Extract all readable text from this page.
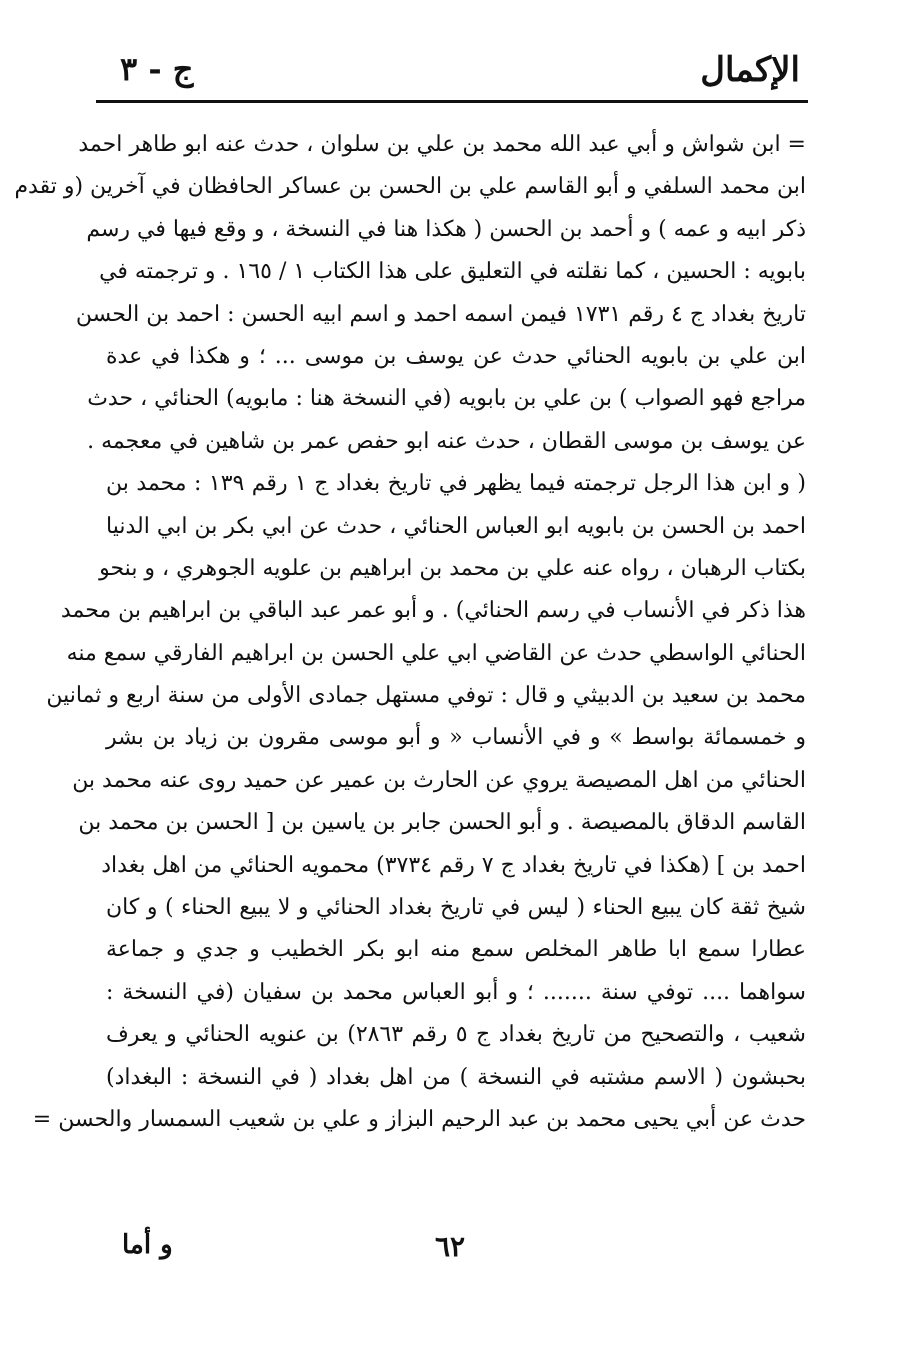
الإكمال
ج - ٣
= ابن شواش و أبي عبد الله محمد بن علي بن سلوان ، حدث عنه ابو طاهر احمد
ابن محمد السلفي و أبو القاسم علي بن الحسن بن عساكر الحافظان في آخرين (و تقدم
ذكر ابيه و عمه ) و أحمد بن الحسن ( هكذا هنا في النسخة ، و وقع فيها في رسم
بابويه : الحسين ، كما نقلته في التعليق على هذا الكتاب ١ / ١٦٥ . و ترجمته في
تاريخ بغداد ج ٤ رقم ١٧٣١ فيمن اسمه احمد و اسم ابيه الحسن : احمد بن الحسن
ابن علي بن بابويه الحنائي حدث عن يوسف بن موسى ... ؛ و هكذا في عدة
مراجع فهو الصواب ) بن علي بن بابويه (في النسخة هنا : مابويه) الحنائي ، حدث
عن يوسف بن موسى القطان ، حدث عنه ابو حفص عمر بن شاهين في معجمه .
( و ابن هذا الرجل ترجمته فيما يظهر في تاريخ بغداد ج ١ رقم ١٣٩ : محمد بن
احمد بن الحسن بن بابويه ابو العباس الحنائي ، حدث عن ابي بكر بن ابي الدنيا
بكتاب الرهبان ، رواه عنه علي بن محمد بن ابراهيم بن علويه الجوهري ، و بنحو
هذا ذكر في الأنساب في رسم الحنائي) . و أبو عمر عبد الباقي بن ابراهيم بن محمد
الحنائي الواسطي حدث عن القاضي ابي علي الحسن بن ابراهيم الفارقي سمع منه
محمد بن سعيد بن الدبيثي و قال : توفي مستهل جمادى الأولى من سنة اربع و ثمانين
و خمسمائة بواسط » و في الأنساب « و أبو موسى مقرون بن زياد بن بشر
الحنائي من اهل المصيصة يروي عن الحارث بن عمير عن حميد روى عنه محمد بن
القاسم الدقاق بالمصيصة . و أبو الحسن جابر بن ياسين بن [ الحسن بن محمد بن
احمد بن ] (هكذا في تاريخ بغداد ج ٧ رقم ٣٧٣٤) محمويه الحنائي من اهل بغداد
شيخ ثقة كان يبيع الحناء ( ليس في تاريخ بغداد الحنائي و لا يبيع الحناء ) و كان
عطارا سمع ابا طاهر المخلص سمع منه ابو بكر الخطيب و جدي و جماعة
سواهما .... توفي سنة ....... ؛ و أبو العباس محمد بن سفيان (في النسخة :
شعيب ، والتصحيح من تاريخ بغداد ج ٥ رقم ٢٨٦٣) بن عنويه الحنائي و يعرف
بحبشون ( الاسم مشتبه في النسخة ) من اهل بغداد ( في النسخة : البغداد)
حدث عن أبي يحيى محمد بن عبد الرحيم البزاز و علي بن شعيب السمسار والحسن =
٦٢
و أما
